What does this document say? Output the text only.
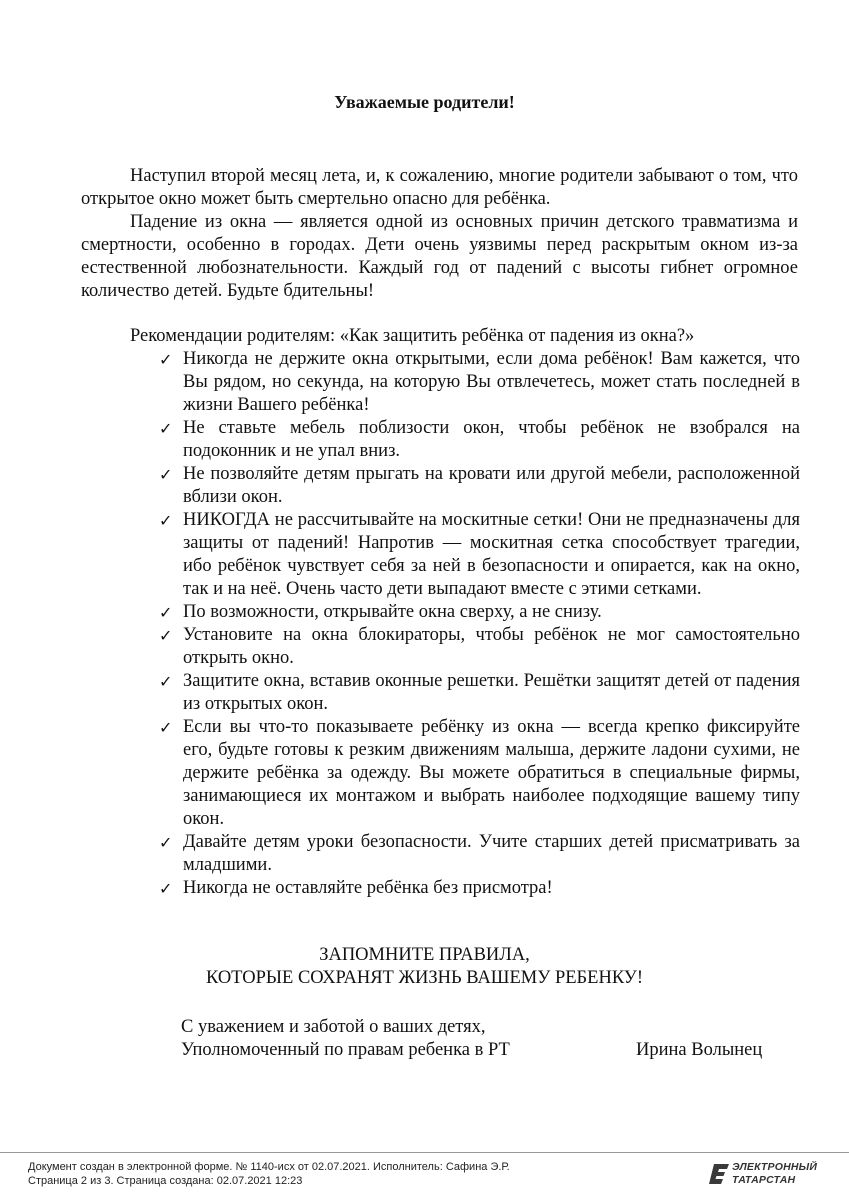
Уважаемые родители!

Наступил второй месяц лета, и, к сожалению, многие родители забывают о том, что открытое окно может быть смертельно опасно для ребёнка.

Падение из окна — является одной из основных причин детского травматизма и смертности, особенно в городах. Дети очень уязвимы перед раскрытым окном из-за естественной любознательности. Каждый год от падений с высоты гибнет огромное количество детей. Будьте бдительны!

Рекомендации родителям: «Как защитить ребёнка от падения из окна?»
✓ Никогда не держите окна открытыми, если дома ребёнок! Вам кажется, что Вы рядом, но секунда, на которую Вы отвлечетесь, может стать последней в жизни Вашего ребёнка!
✓ Не ставьте мебель поблизости окон, чтобы ребёнок не взобрался на подоконник и не упал вниз.
✓ Не позволяйте детям прыгать на кровати или другой мебели, расположенной вблизи окон.
✓ НИКОГДА не рассчитывайте на москитные сетки! Они не предназначены для защиты от падений! Напротив — москитная сетка способствует трагедии, ибо ребёнок чувствует себя за ней в безопасности и опирается, как на окно, так и на неё. Очень часто дети выпадают вместе с этими сетками.
✓ По возможности, открывайте окна сверху, а не снизу.
✓ Установите на окна блокираторы, чтобы ребёнок не мог самостоятельно открыть окно.
✓ Защитите окна, вставив оконные решетки. Решётки защитят детей от падения из открытых окон.
✓ Если вы что-то показываете ребёнку из окна — всегда крепко фиксируйте его, будьте готовы к резким движениям малыша, держите ладони сухими, не держите ребёнка за одежду. Вы можете обратиться в специальные фирмы, занимающиеся их монтажом и выбрать наиболее подходящие вашему типу окон.
✓ Давайте детям уроки безопасности. Учите старших детей присматривать за младшими.
✓ Никогда не оставляйте ребёнка без присмотра!
ЗАПОМНИТЕ ПРАВИЛА,
КОТОРЫЕ СОХРАНЯТ ЖИЗНЬ ВАШЕМУ РЕБЕНКУ!
С уважением и заботой о ваших детях,
Уполномоченный по правам ребенка в РТ	Ирина Волынец
Документ создан в электронной форме. № 1140-исх от 02.07.2021. Исполнитель: Сафина Э.Р.
Страница 2 из 3. Страница создана: 02.07.2021 12:23
ЭЛЕКТРОННЫЙ
ТАТАРСТАН
